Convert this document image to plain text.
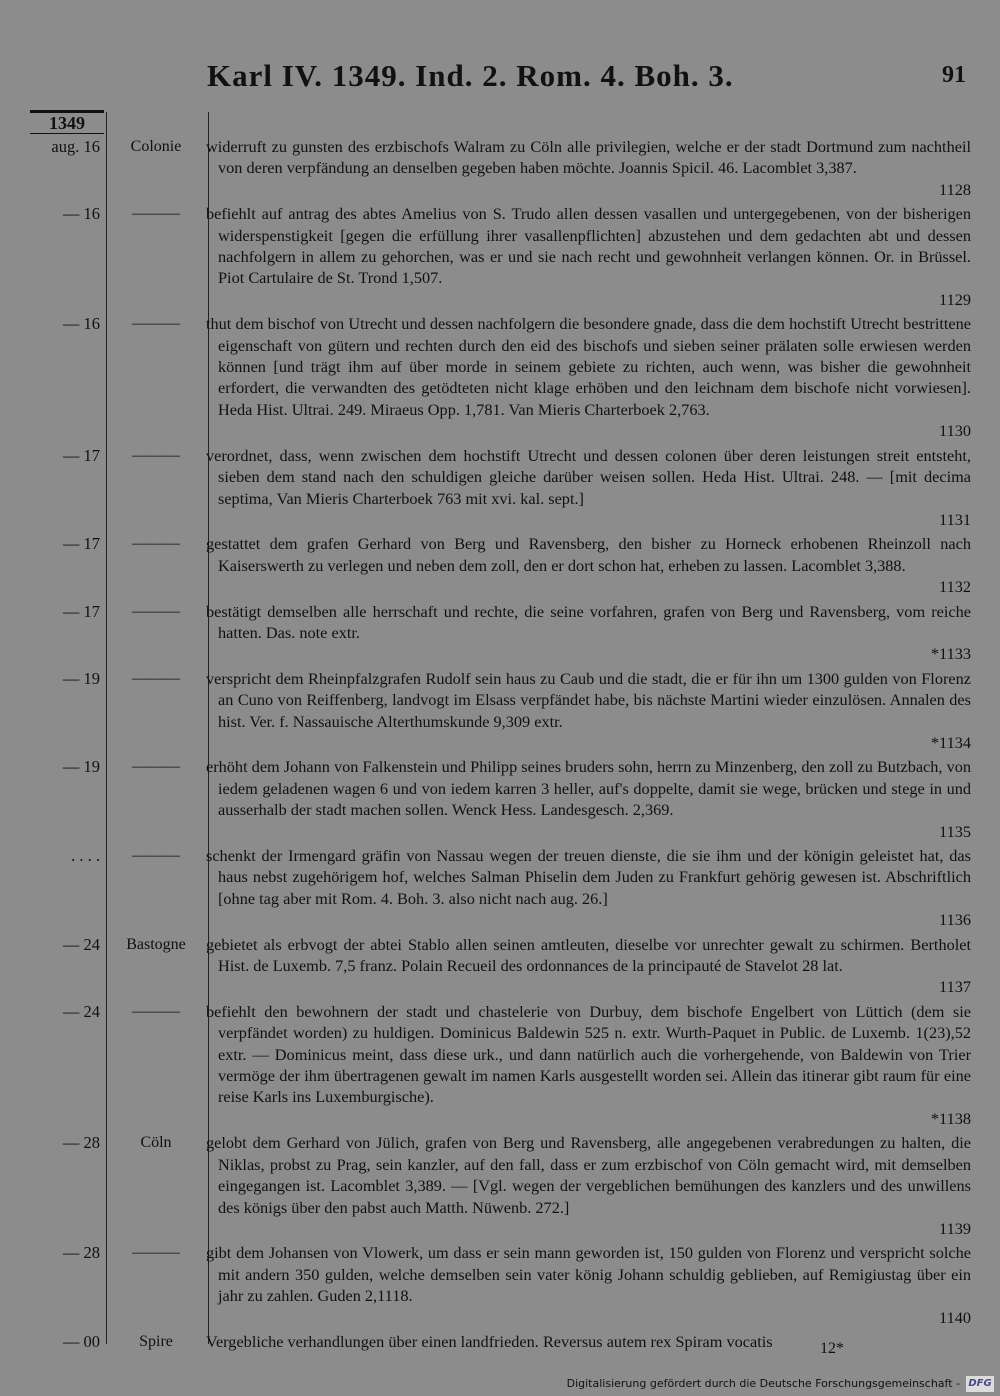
Karl IV. 1349. Ind. 2. Rom. 4. Boh. 3.	91
1349
aug. 16	Colonie	widerruft zu gunsten des erzbischofs Walram zu Cöln alle privilegien, welche er der stadt Dortmund zum nachtheil von deren verpfändung an denselben gegeben haben möchte. Joannis Spicil. 46. Lacomblet 3,387.
1128
— 16	———	befiehlt auf antrag des abtes Amelius von S. Trudo allen dessen vasallen und untergegebenen, von der bisherigen widerspenstigkeit [gegen die erfüllung ihrer vasallenpflichten] abzustehen und dem gedachten abt und dessen nachfolgern in allem zu gehorchen, was er und sie nach recht und gewohnheit verlangen können. Or. in Brüssel. Piot Cartulaire de St. Trond 1,507.
1129
— 16	———	thut dem bischof von Utrecht und dessen nachfolgern die besondere gnade, dass die dem hochstift Utrecht bestrittene eigenschaft von gütern und rechten durch den eid des bischofs und sieben seiner prälaten solle erwiesen werden können [und trägt ihm auf über morde in seinem gebiete zu richten, auch wenn, was bisher die gewohnheit erfordert, die verwandten des getödteten nicht klage erhöben und den leichnam dem bischofe nicht vorwiesen]. Heda Hist. Ultrai. 249. Miraeus Opp. 1,781. Van Mieris Charterboek 2,763.
1130
— 17	———	verordnet, dass, wenn zwischen dem hochstift Utrecht und dessen colonen über deren leistungen streit entsteht, sieben dem stand nach den schuldigen gleiche darüber weisen sollen. Heda Hist. Ultrai. 248. — [mit decima septima, Van Mieris Charterboek 763 mit xvi. kal. sept.]
1131
— 17	———	gestattet dem grafen Gerhard von Berg und Ravensberg, den bisher zu Horneck erhobenen Rheinzoll nach Kaiserswerth zu verlegen und neben dem zoll, den er dort schon hat, erheben zu lassen. Lacomblet 3,388.
1132
— 17	———	bestätigt demselben alle herrschaft und rechte, die seine vorfahren, grafen von Berg und Ravensberg, vom reiche hatten. Das. note extr.
*1133
— 19	———	verspricht dem Rheinpfalzgrafen Rudolf sein haus zu Caub und die stadt, die er für ihn um 1300 gulden von Florenz an Cuno von Reiffenberg, landvogt im Elsass verpfändet habe, bis nächste Martini wieder einzulösen. Annalen des hist. Ver. f. Nassauische Alterthumskunde 9,309 extr.
*1134
— 19	———	erhöht dem Johann von Falkenstein und Philipp seines bruders sohn, herrn zu Minzenberg, den zoll zu Butzbach, von iedem geladenen wagen 6 und von iedem karren 3 heller, auf's doppelte, damit sie wege, brücken und stege in und ausserhalb der stadt machen sollen. Wenck Hess. Landesgesch. 2,369.
1135
. . . .	———	schenkt der Irmengard gräfin von Nassau wegen der treuen dienste, die sie ihm und der königin geleistet hat, das haus nebst zugehörigem hof, welches Salman Phiselin dem Juden zu Frankfurt gehörig gewesen ist. Abschriftlich [ohne tag aber mit Rom. 4. Boh. 3. also nicht nach aug. 26.]
1136
— 24	Bastogne	gebietet als erbvogt der abtei Stablo allen seinen amtleuten, dieselbe vor unrechter gewalt zu schirmen. Bertholet Hist. de Luxemb. 7,5 franz. Polain Recueil des ordonnances de la principauté de Stavelot 28 lat.
1137
— 24	———	befiehlt den bewohnern der stadt und chastelerie von Durbuy, dem bischofe Engelbert von Lüttich (dem sie verpfändet worden) zu huldigen. Dominicus Baldewin 525 n. extr. Wurth-Paquet in Public. de Luxemb. 1(23),52 extr. — Dominicus meint, dass diese urk., und dann natürlich auch die vorhergehende, von Baldewin von Trier vermöge der ihm übertragenen gewalt im namen Karls ausgestellt worden sei. Allein das itinerar gibt raum für eine reise Karls ins Luxemburgische).
*1138
— 28	Cöln	gelobt dem Gerhard von Jülich, grafen von Berg und Ravensberg, alle angegebenen verabredungen zu halten, die Niklas, probst zu Prag, sein kanzler, auf den fall, dass er zum erzbischof von Cöln gemacht wird, mit demselben eingegangen ist. Lacomblet 3,389. — [Vgl. wegen der vergeblichen bemühungen des kanzlers und des unwillens des königs über den pabst auch Matth. Nüwenb. 272.]
1139
— 28	———	gibt dem Johansen von Vlowerk, um dass er sein mann geworden ist, 150 gulden von Florenz und verspricht solche mit andern 350 gulden, welche demselben sein vater könig Johann schuldig geblieben, auf Remigiustag über ein jahr zu zahlen. Guden 2,1118.
1140
— 00	Spire	Vergebliche verhandlungen über einen landfrieden. Reversus autem rex Spiram vocatis	12*
Digitalisierung gefördert durch die Deutsche Forschungsgemeinschaft - DFG
